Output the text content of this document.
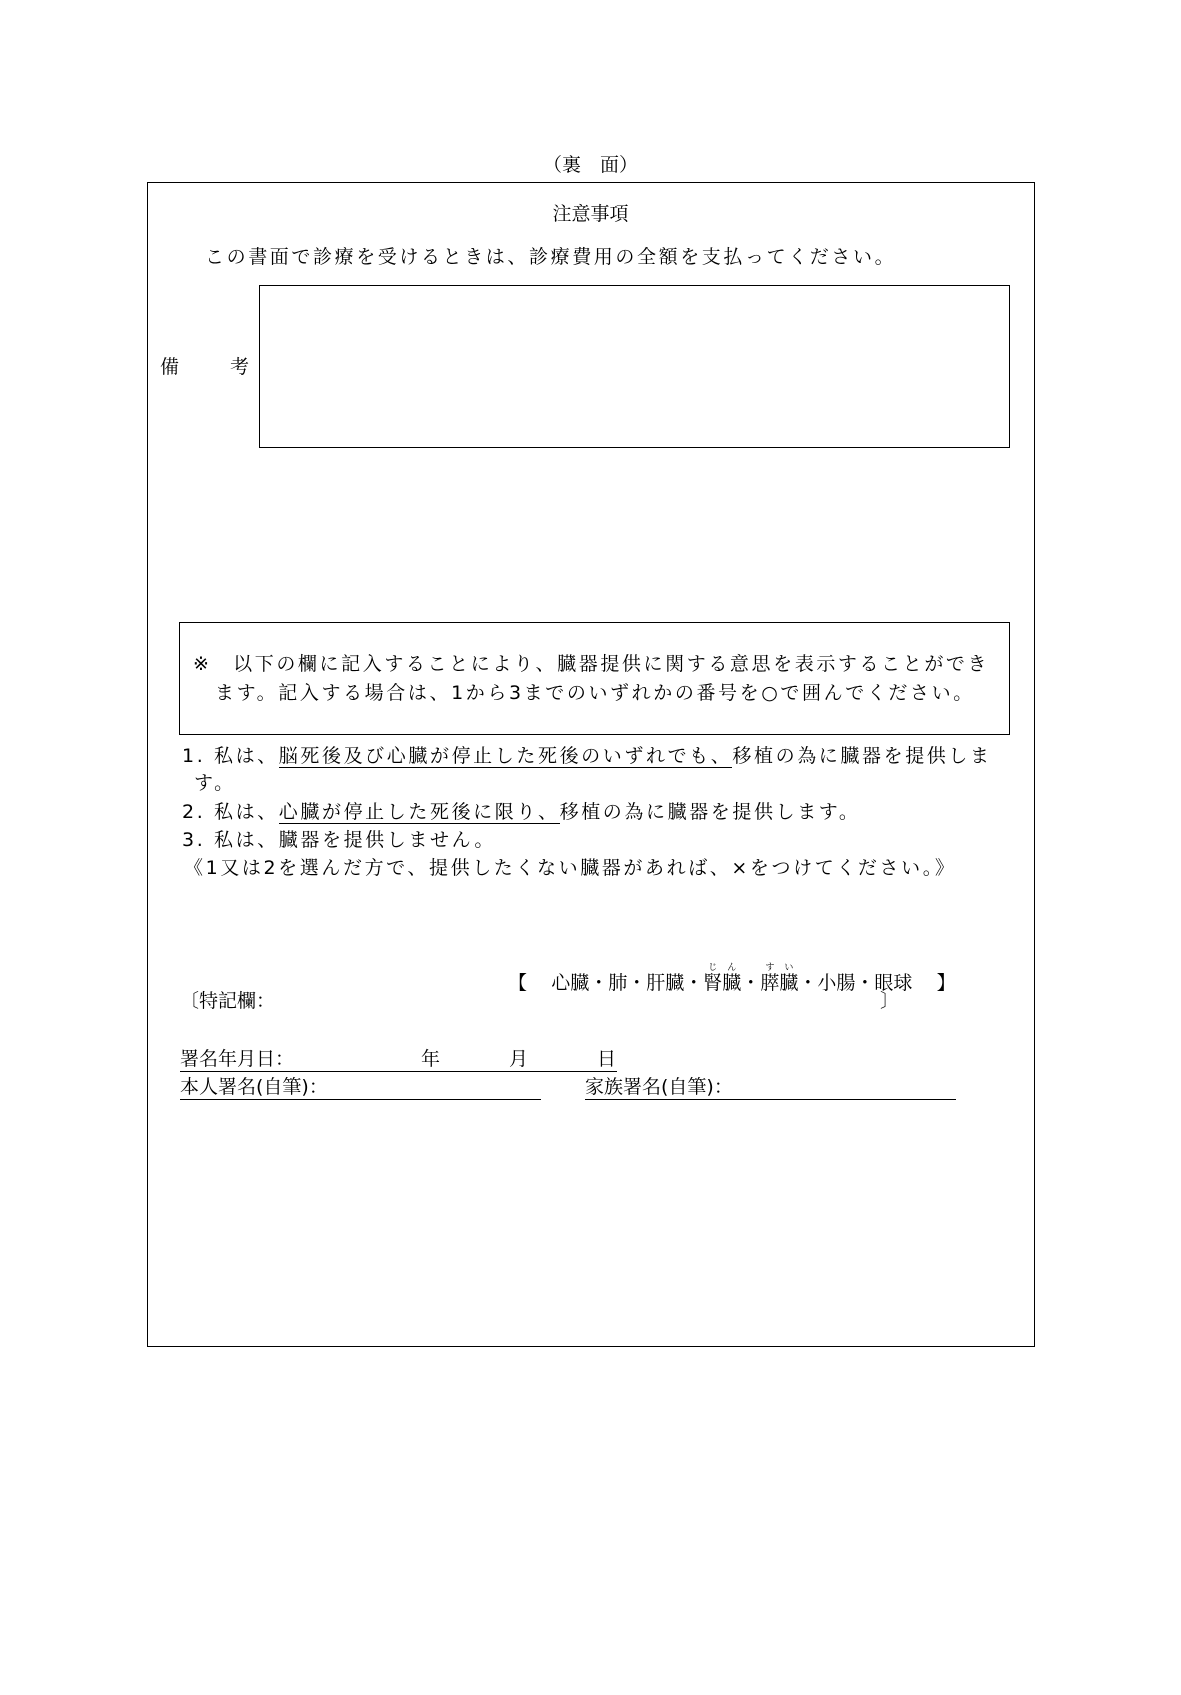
（裏　面）
注意事項
この書面で診療を受けるときは、診療費用の全額を支払ってください。
備	考
※　以下の欄に記入することにより、臓器提供に関する意思を表示することができ
ます。記入する場合は、1から3までのいずれかの番号を○で囲んでください。
1. 私は、脳死後及び心臓が停止した死後のいずれでも、移植の為に臓器を提供しま
す。
2. 私は、心臓が停止した死後に限り、移植の為に臓器を提供します。
3. 私は、臓器を提供しません。
《1又は2を選んだ方で、提供したくない臓器があれば、×をつけてください。》
【 心臓・肺・肝臓・腎臓じん・膵臓すい・小腸・眼球 】
〔特記欄：	〕
署名年月日：	年	月	日
本人署名(自筆)：	家族署名(自筆)：
